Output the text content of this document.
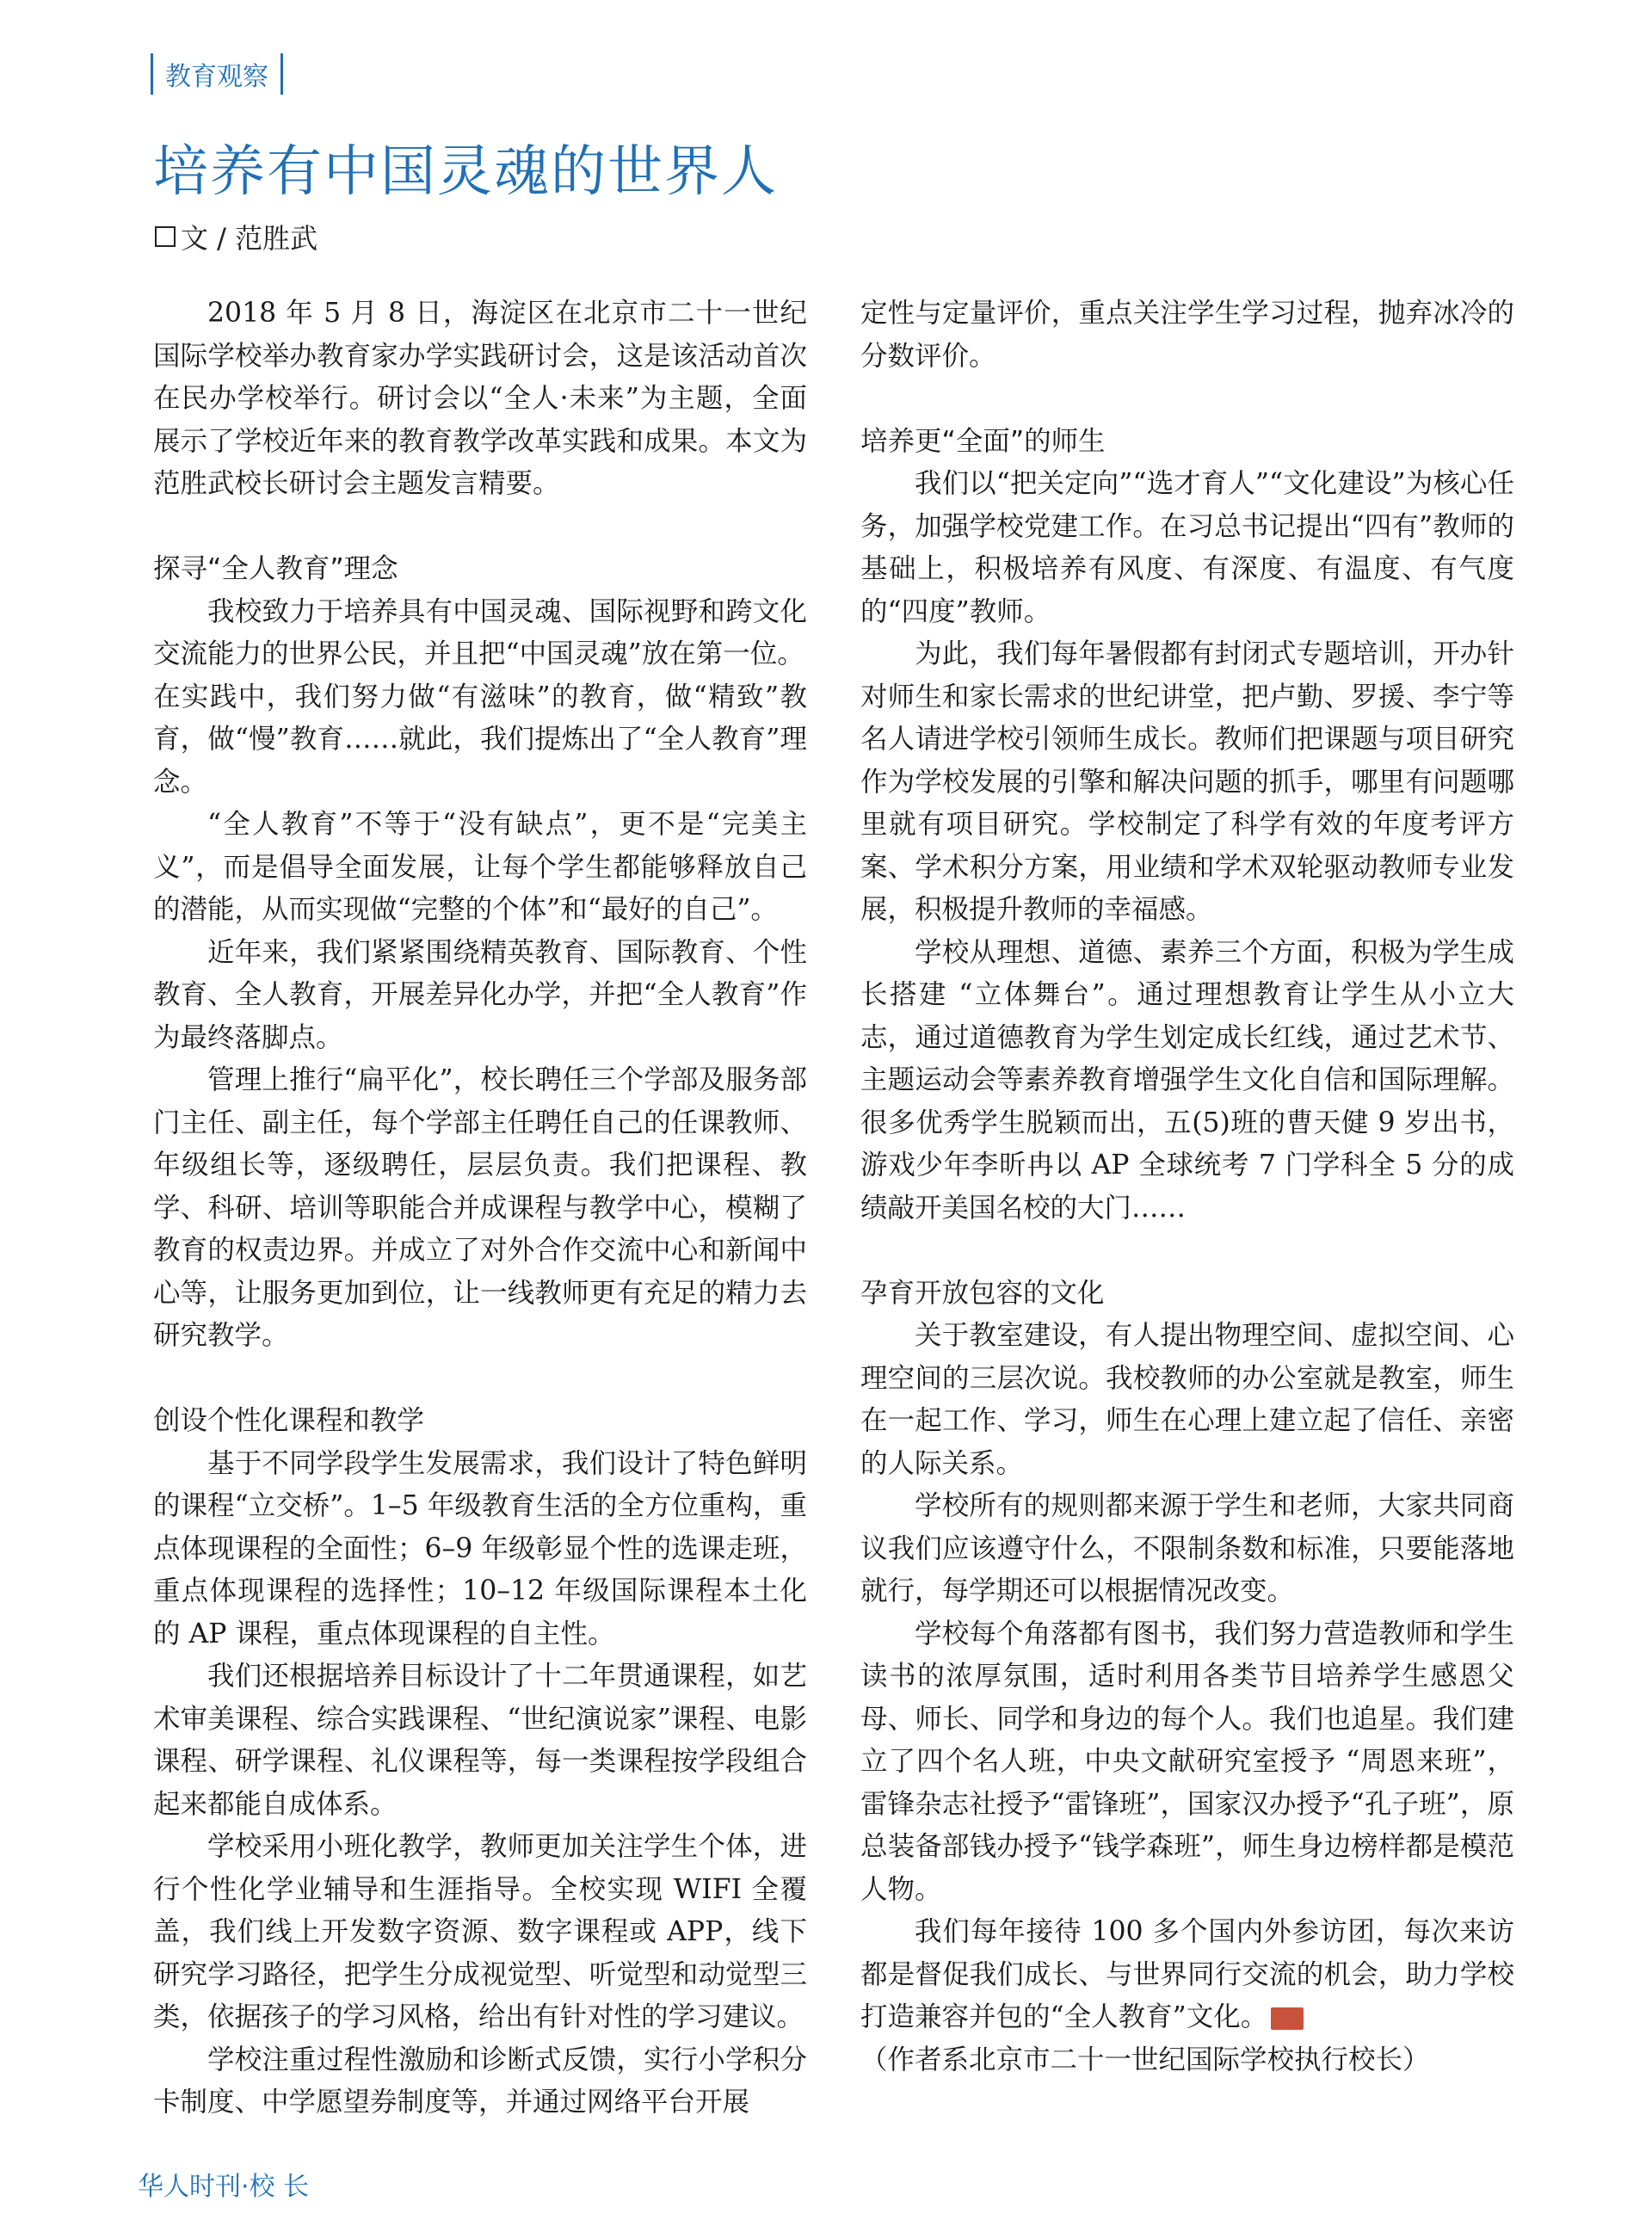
教育观察
培养有中国灵魂的世界人
文 / 范胜武

2018 年 5 月 8 日，海淀区在北京市二十一世纪国际学校举办教育家办学实践研讨会，这是该活动首次在民办学校举行。研讨会以“全人·未来”为主题，全面展示了学校近年来的教育教学改革实践和成果。本文为范胜武校长研讨会主题发言精要。

探寻“全人教育”理念

我校致力于培养具有中国灵魂、国际视野和跨文化交流能力的世界公民，并且把“中国灵魂”放在第一位。

在实践中，我们努力做“有滋味”的教育，做“精致”教育，做“慢”教育……就此，我们提炼出了“全人教育”理念。

“全人教育”不等于“没有缺点”，更不是“完美主义”，而是倡导全面发展，让每个学生都能够释放自己的潜能，从而实现做“完整的个体”和“最好的自己”。

近年来，我们紧紧围绕精英教育、国际教育、个性教育、全人教育，开展差异化办学，并把“全人教育”作为最终落脚点。

管理上推行“扁平化”，校长聘任三个学部及服务部门主任、副主任，每个学部主任聘任自己的任课教师、年级组长等，逐级聘任，层层负责。我们把课程、教学、科研、培训等职能合并成课程与教学中心，模糊了教育的权责边界。并成立了对外合作交流中心和新闻中心等，让服务更加到位，让一线教师更有充足的精力去研究教学。

创设个性化课程和教学

基于不同学段学生发展需求，我们设计了特色鲜明的课程“立交桥”。1–5 年级教育生活的全方位重构，重点体现课程的全面性；6–9 年级彰显个性的选课走班，重点体现课程的选择性；10–12 年级国际课程本土化的 AP 课程，重点体现课程的自主性。

我们还根据培养目标设计了十二年贯通课程，如艺术审美课程、综合实践课程、“世纪演说家”课程、电影课程、研学课程、礼仪课程等，每一类课程按学段组合起来都能自成体系。

学校采用小班化教学，教师更加关注学生个体，进行个性化学业辅导和生涯指导。全校实现 WIFI 全覆盖，我们线上开发数字资源、数字课程或 APP，线下研究学习路径，把学生分成视觉型、听觉型和动觉型三类，依据孩子的学习风格，给出有针对性的学习建议。

学校注重过程性激励和诊断式反馈，实行小学积分卡制度、中学愿望券制度等，并通过网络平台开展

定性与定量评价，重点关注学生学习过程，抛弃冰冷的分数评价。

培养更“全面”的师生

我们以“把关定向”“选才育人”“文化建设”为核心任务，加强学校党建工作。在习总书记提出“四有”教师的基础上，积极培养有风度、有深度、有温度、有气度的“四度”教师。

为此，我们每年暑假都有封闭式专题培训，开办针对师生和家长需求的世纪讲堂，把卢勤、罗援、李宁等名人请进学校引领师生成长。教师们把课题与项目研究作为学校发展的引擎和解决问题的抓手，哪里有问题哪里就有项目研究。学校制定了科学有效的年度考评方案、学术积分方案，用业绩和学术双轮驱动教师专业发展，积极提升教师的幸福感。

学校从理想、道德、素养三个方面，积极为学生成长搭建 “立体舞台”。通过理想教育让学生从小立大志，通过道德教育为学生划定成长红线，通过艺术节、主题运动会等素养教育增强学生文化自信和国际理解。很多优秀学生脱颖而出，五(5)班的曹天健 9 岁出书，游戏少年李昕冉以 AP 全球统考 7 门学科全 5 分的成绩敲开美国名校的大门……

孕育开放包容的文化

关于教室建设，有人提出物理空间、虚拟空间、心理空间的三层次说。我校教师的办公室就是教室，师生在一起工作、学习，师生在心理上建立起了信任、亲密的人际关系。

学校所有的规则都来源于学生和老师，大家共同商议我们应该遵守什么，不限制条数和标准，只要能落地就行，每学期还可以根据情况改变。

学校每个角落都有图书，我们努力营造教师和学生读书的浓厚氛围，适时利用各类节目培养学生感恩父母、师长、同学和身边的每个人。我们也追星。我们建立了四个名人班，中央文献研究室授予 “周恩来班”，雷锋杂志社授予“雷锋班”，国家汉办授予“孔子班”，原总装备部钱办授予“钱学森班”，师生身边榜样都是模范人物。

我们每年接待 100 多个国内外参访团，每次来访都是督促我们成长、与世界同行交流的机会，助力学校打造兼容并包的“全人教育”文化。	校长

（作者系北京市二十一世纪国际学校执行校长）

华人时刊·校 长
